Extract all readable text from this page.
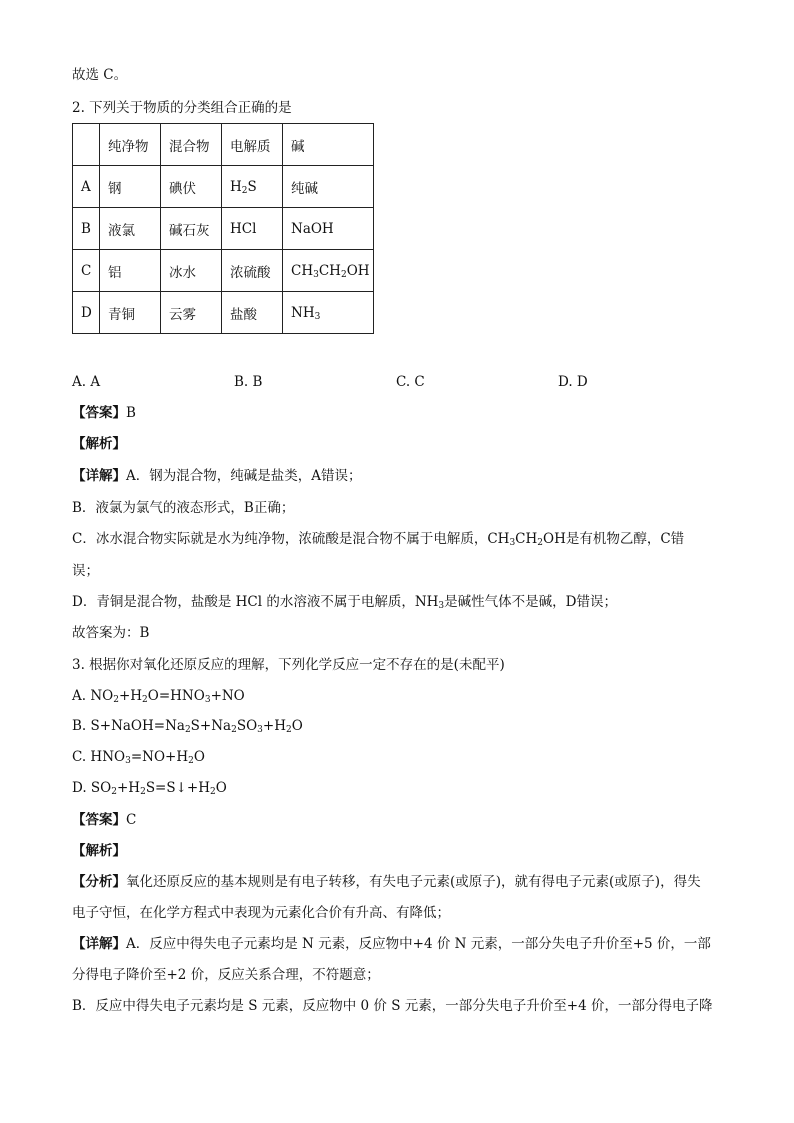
故选 C。
2. 下列关于物质的分类组合正确的是
	纯净物	混合物	电解质	碱
A	钢	碘伏	$H_2S$	纯碱
B	液氯	碱石灰	HCl	NaOH
C	铝	冰水	浓硫酸	$CH_3CH_2OH$
D	青铜	云雾	盐酸	$NH_3$
A. A	B. B	C. C	D. D
【答案】B
【解析】
【详解】A．钢为混合物，纯碱是盐类，A错误；
B．液氯为氯气的液态形式，B正确；
C．冰水混合物实际就是水为纯净物，浓硫酸是混合物不属于电解质，$CH_3CH_2OH$是有机物乙醇，C错
误；
D．青铜是混合物，盐酸是 HCl 的水溶液不属于电解质，$NH_3$是碱性气体不是碱，D错误；
故答案为：B
3. 根据你对氧化还原反应的理解，下列化学反应一定不存在的是(未配平)
A. $NO_2+H_2O=HNO_3+NO$
B. $S+NaOH=Na_2S+Na_2SO_3+H_2O$
C. $HNO_3=NO+H_2O$
D. $SO_2+H_2S=S↓+H_2O$
【答案】C
【解析】
【分析】氧化还原反应的基本规则是有电子转移，有失电子元素(或原子)，就有得电子元素(或原子)，得失
电子守恒，在化学方程式中表现为元素化合价有升高、有降低；
【详解】A．反应中得失电子元素均是 N 元素，反应物中+4 价 N 元素，一部分失电子升价至+5 价，一部
分得电子降价至+2 价，反应关系合理，不符题意；
B．反应中得失电子元素均是 S 元素，反应物中 0 价 S 元素，一部分失电子升价至+4 价，一部分得电子降
